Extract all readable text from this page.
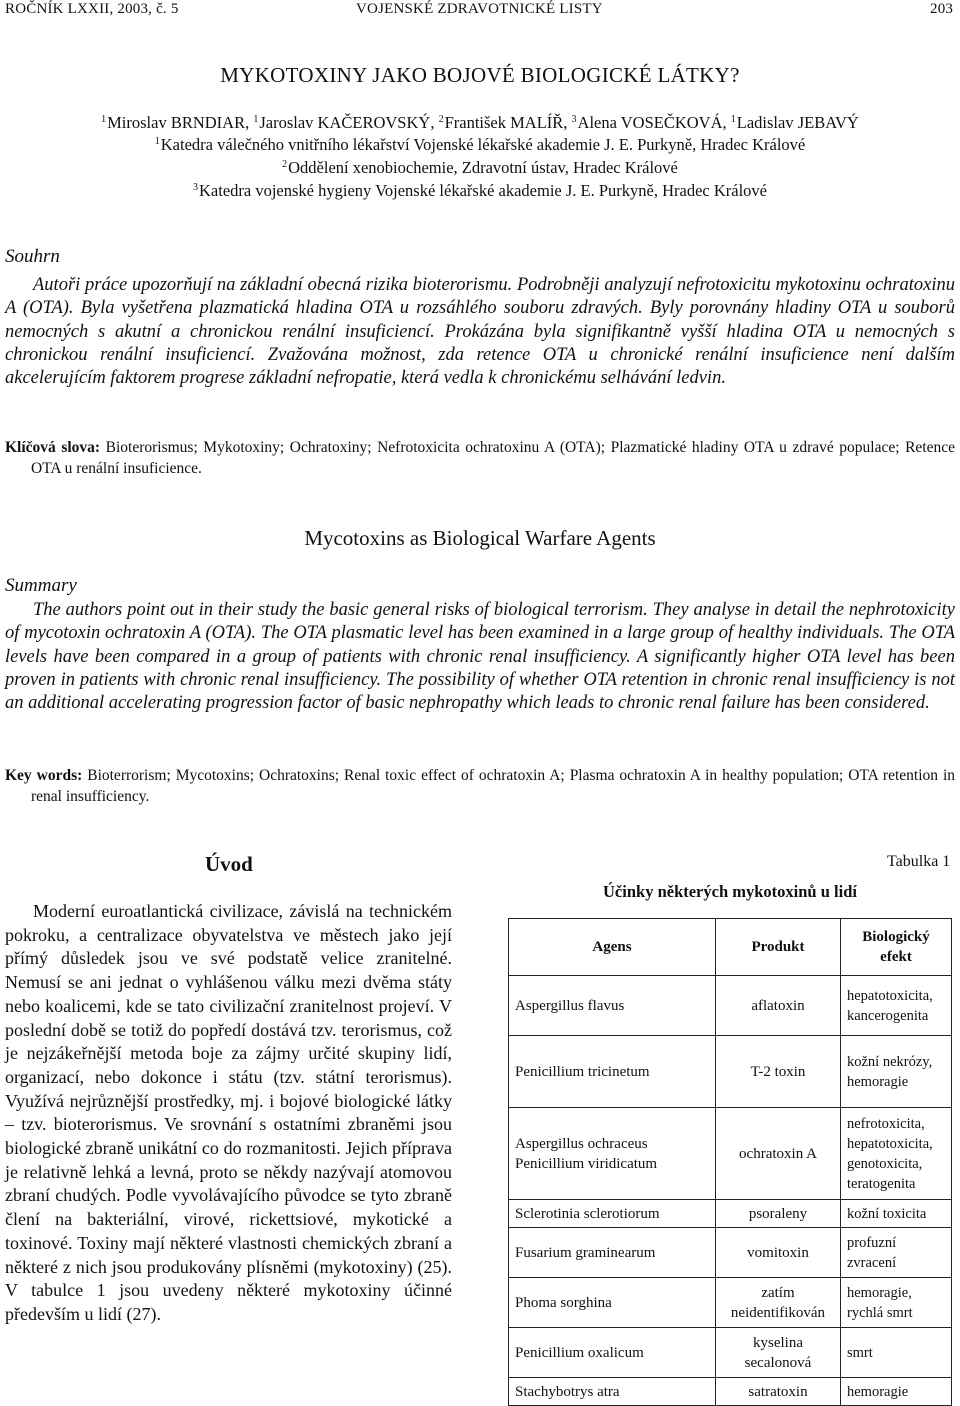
ROČNÍK LXXII, 2003, č. 5	VOJENSKÉ ZDRAVOTNICKÉ LISTY	203
MYKOTOXINY JAKO BOJOVÉ BIOLOGICKÉ LÁTKY?
$^1$Miroslav BRNDIAR, $^1$Jaroslav KAČEROVSKÝ, $^2$František MALÍŘ, $^3$Alena VOSEČKOVÁ, $^1$Ladislav JEBAVÝ
$^1$Katedra válečného vnitřního lékařství Vojenské lékařské akademie J. E. Purkyně, Hradec Králové
$^2$Oddělení xenobiochemie, Zdravotní ústav, Hradec Králové
$^3$Katedra vojenské hygieny Vojenské lékařské akademie J. E. Purkyně, Hradec Králové
Souhrn

Autoři práce upozorňují na základní obecná rizika bioterorismu. Podrobněji analyzují nefrotoxicitu mykotoxinu ochratoxinu A (OTA). Byla vyšetřena plazmatická hladina OTA u rozsáhlého souboru zdravých. Byly porovnány hladiny OTA u souborů nemocných s akutní a chronickou renální insuficiencí. Prokázána byla signifikantně vyšší hladina OTA u nemocných s chronickou renální insuficiencí. Zvažována možnost, zda retence OTA u chronické renální insuficience není dalším akcelerujícím faktorem progrese základní nefropatie, která vedla k chronickému selhávání ledvin.

Klíčová slova: Bioterorismus; Mykotoxiny; Ochratoxiny; Nefrotoxicita ochratoxinu A (OTA); Plazmatické hladiny OTA u zdravé populace; Retence OTA u renální insuficience.

Mycotoxins as Biological Warfare Agents
Summary

The authors point out in their study the basic general risks of biological terrorism. They analyse in detail the nephrotoxicity of mycotoxin ochratoxin A (OTA). The OTA plasmatic level has been examined in a large group of healthy individuals. The OTA levels have been compared in a group of patients with chronic renal insufficiency. A significantly higher OTA level has been proven in patients with chronic renal insufficiency. The possibility of whether OTA retention in chronic renal insufficiency is not an additional accelerating progression factor of basic nephropathy which leads to chronic renal failure has been considered.

Key words: Bioterrorism; Mycotoxins; Ochratoxins; Renal toxic effect of ochratoxin A; Plasma ochratoxin A in healthy population; OTA retention in renal insufficiency.

Úvod

Moderní euroatlantická civilizace, závislá na technickém pokroku, a centralizace obyvatelstva ve městech jako její přímý důsledek jsou ve své podstatě velice zranitelné. Nemusí se ani jednat o vyhlášenou válku mezi dvěma státy nebo koalicemi, kde se tato civilizační zranitelnost projeví. V poslední době se totiž do popředí dostává tzv. terorismus, což je nejzákeřnější metoda boje za zájmy určité skupiny lidí, organizací, nebo dokonce i státu (tzv. státní terorismus). Využívá nejrůznější prostředky, mj. i bojové biologické látky – tzv. bioterorismus. Ve srovnání s ostatními zbraněmi jsou biologické zbraně unikátní co do rozmanitosti. Jejich příprava je relativně lehká a levná, proto se někdy nazývají atomovou zbraní chudých. Podle vyvolávajícího původce se tyto zbraně člení na bakteriální, virové, rickettsiové, mykotické a toxinové. Toxiny mají některé vlastnosti chemických zbraní a některé z nich jsou produkovány plísněmi (mykotoxiny) (25). V tabulce 1 jsou uvedeny některé mykotoxiny účinné především u lidí (27).

Tabulka 1
Účinky některých mykotoxinů u lidí
Agens	Produkt	Biologický efekt
Aspergillus flavus	aflatoxin	hepatotoxicita, kancerogenita
Penicillium tricinetum	T-2 toxin	kožní nekrózy, hemoragie
Aspergillus ochraceus Penicillium viridicatum	ochratoxin A	nefrotoxicita, hepatotoxicita, genotoxicita, teratogenita
Sclerotinia sclerotiorum	psoraleny	kožní toxicita
Fusarium graminearum	vomitoxin	profuzní zvracení
Phoma sorghina	zatím neidentifikován	hemoragie, rychlá smrt
Penicillium oxalicum	kyselina secalonová	smrt
Stachybotrys atra	satratoxin	hemoragie
